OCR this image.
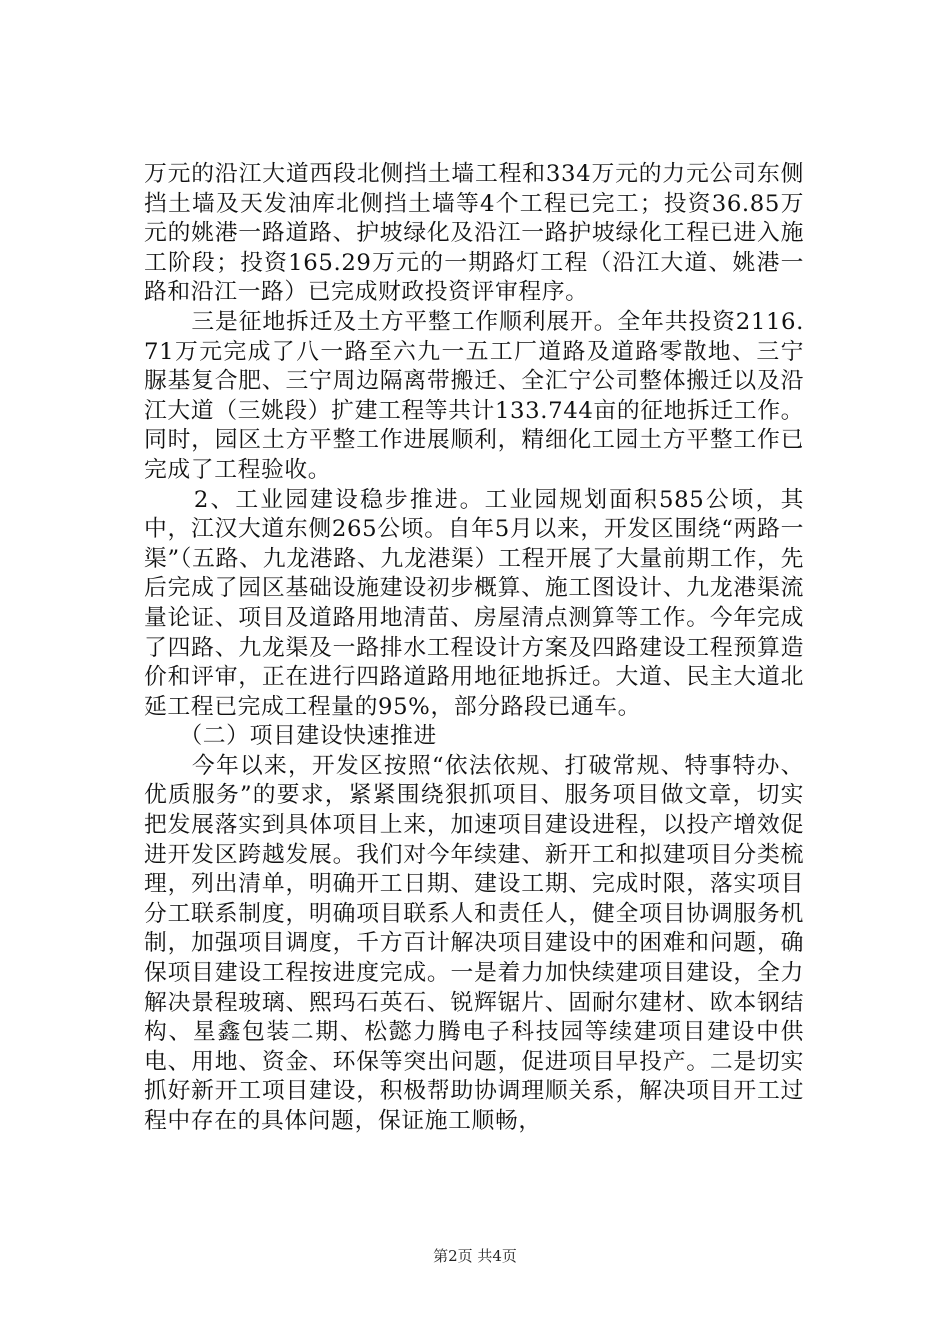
万元的沿江大道西段北侧挡土墙工程和334万元的力元公司东侧挡土墙及天发油库北侧挡土墙等4个工程已完工；投资36.85万元的姚港一路道路、护坡绿化及沿江一路护坡绿化工程已进入施工阶段；投资165.29万元的一期路灯工程（沿江大道、姚港一路和沿江一路）已完成财政投资评审程序。

　　三是征地拆迁及土方平整工作顺利展开。全年共投资2116.71万元完成了八一路至六九一五工厂道路及道路零散地、三宁脲基复合肥、三宁周边隔离带搬迁、全汇宁公司整体搬迁以及沿江大道（三姚段）扩建工程等共计133.744亩的征地拆迁工作。同时，园区土方平整工作进展顺利，精细化工园土方平整工作已完成了工程验收。

　　2、工业园建设稳步推进。工业园规划面积585公顷，其中，江汉大道东侧265公顷。自年5月以来，开发区围绕“两路一渠”（五路、九龙港路、九龙港渠）工程开展了大量前期工作，先后完成了园区基础设施建设初步概算、施工图设计、九龙港渠流量论证、项目及道路用地清苗、房屋清点测算等工作。今年完成了四路、九龙渠及一路排水工程设计方案及四路建设工程预算造价和评审，正在进行四路道路用地征地拆迁。大道、民主大道北延工程已完成工程量的95%，部分路段已通车。

　　（二）项目建设快速推进

　　今年以来，开发区按照“依法依规、打破常规、特事特办、优质服务”的要求，紧紧围绕狠抓项目、服务项目做文章，切实把发展落实到具体项目上来，加速项目建设进程，以投产增效促进开发区跨越发展。我们对今年续建、新开工和拟建项目分类梳理，列出清单，明确开工日期、建设工期、完成时限，落实项目分工联系制度，明确项目联系人和责任人，健全项目协调服务机制，加强项目调度，千方百计解决项目建设中的困难和问题，确保项目建设工程按进度完成。一是着力加快续建项目建设，全力解决景程玻璃、熙玛石英石、锐辉锯片、固耐尔建材、欧本钢结构、星鑫包装二期、松懿力腾电子科技园等续建项目建设中供电、用地、资金、环保等突出问题，促进项目早投产。二是切实抓好新开工项目建设，积极帮助协调理顺关系，解决项目开工过程中存在的具体问题，保证施工顺畅，

第2页 共4页
